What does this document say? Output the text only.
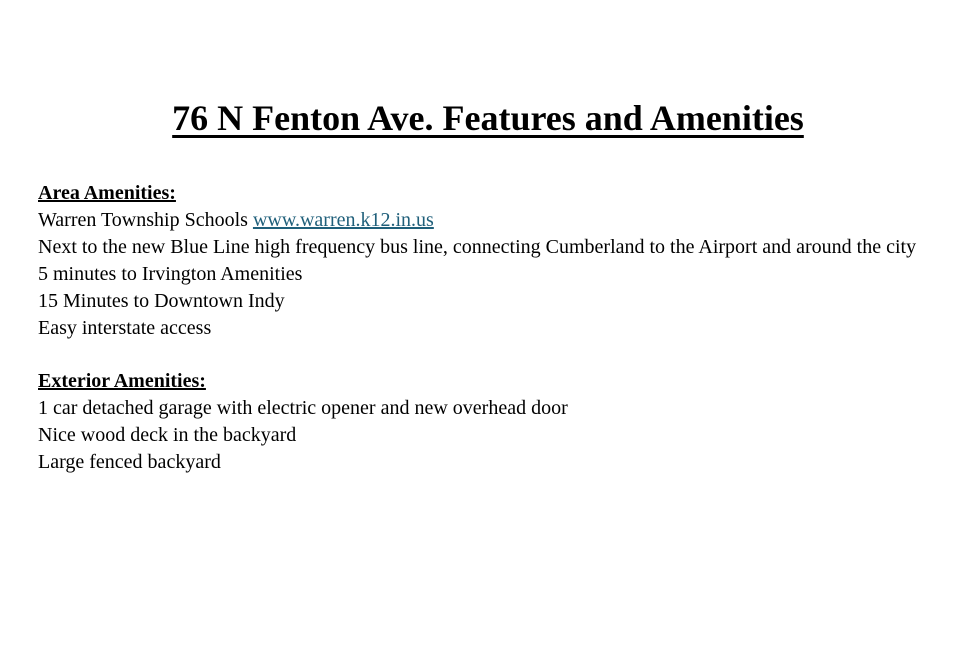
76 N Fenton Ave. Features and Amenities

Area Amenities:

Warren Township Schools www.warren.k12.in.us

Next to the new Blue Line high frequency bus line, connecting Cumberland to the Airport and around the city

5 minutes to Irvington Amenities

15 Minutes to Downtown Indy

Easy interstate access

Exterior Amenities:

1 car detached garage with electric opener and new overhead door

Nice wood deck in the backyard

Large fenced backyard
